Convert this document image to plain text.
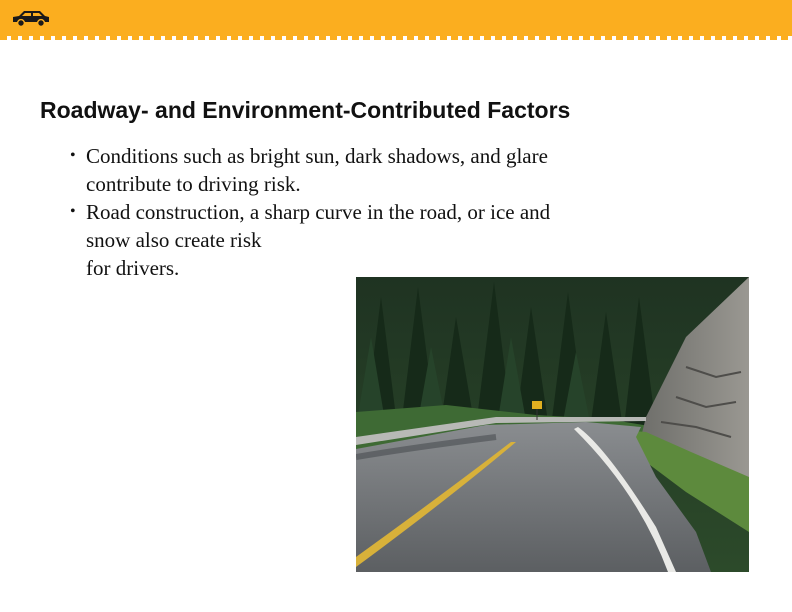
Roadway- and Environment-Contributed Factors
• Conditions such as bright sun, dark shadows, and glare
contribute to driving risk.
• Road construction, a sharp curve in the road, or ice and
snow also create risk
for drivers.
